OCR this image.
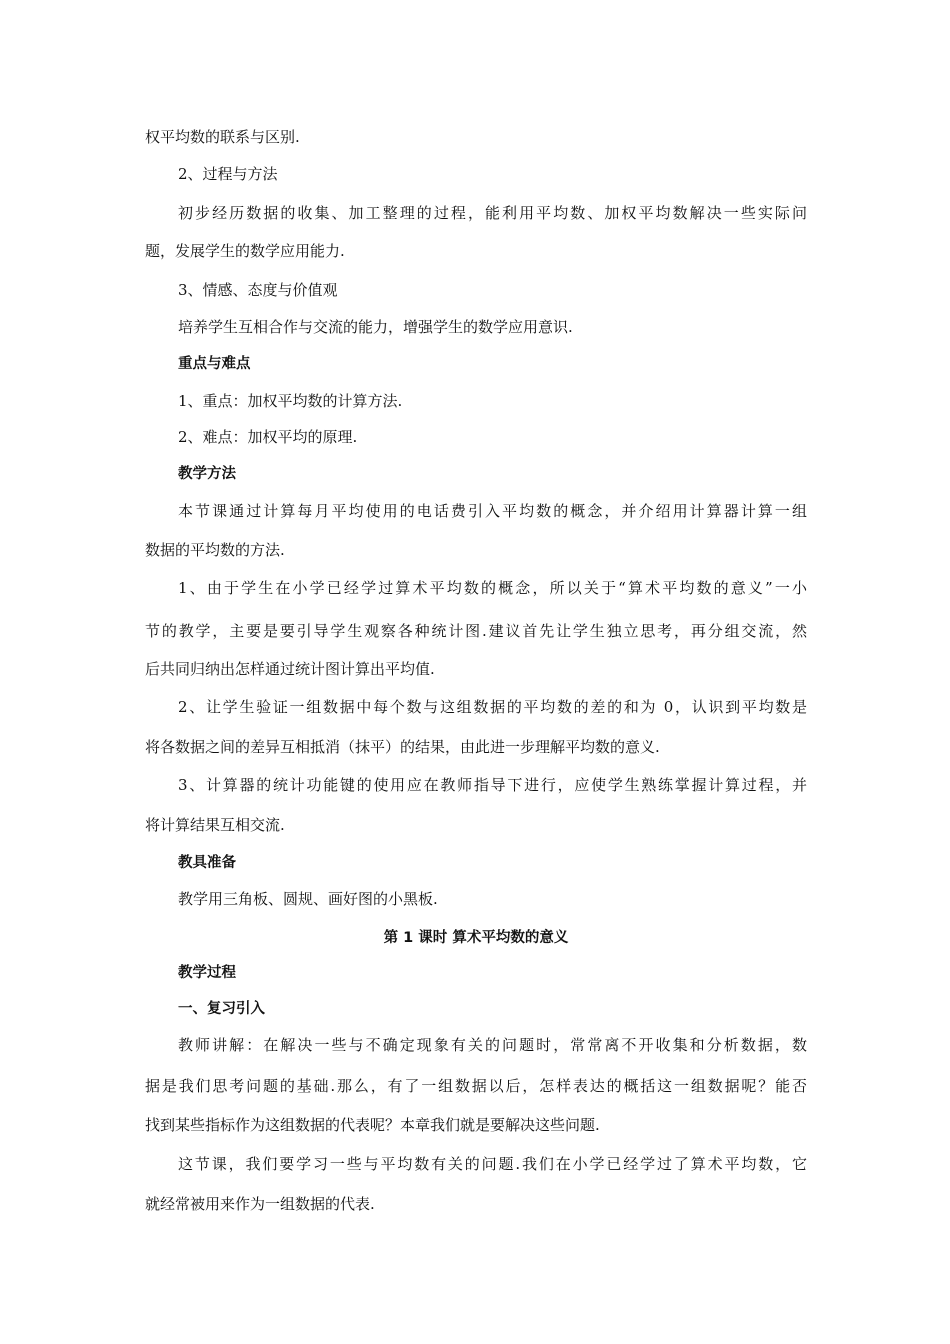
权平均数的联系与区别.
2、过程与方法
初步经历数据的收集、加工整理的过程，能利用平均数、加权平均数解决一些实际问
题，发展学生的数学应用能力.
3、情感、态度与价值观
培养学生互相合作与交流的能力，增强学生的数学应用意识.
重点与难点
1、重点：加权平均数的计算方法.
2、难点：加权平均的原理.
教学方法
本节课通过计算每月平均使用的电话费引入平均数的概念，并介绍用计算器计算一组
数据的平均数的方法.
1、由于学生在小学已经学过算术平均数的概念，所以关于“算术平均数的意义”一小
节的教学，主要是要引导学生观察各种统计图.建议首先让学生独立思考，再分组交流，然
后共同归纳出怎样通过统计图计算出平均值.
2、让学生验证一组数据中每个数与这组数据的平均数的差的和为 0，认识到平均数是
将各数据之间的差异互相抵消（抹平）的结果，由此进一步理解平均数的意义.
3、计算器的统计功能键的使用应在教师指导下进行，应使学生熟练掌握计算过程，并
将计算结果互相交流.
教具准备
教学用三角板、圆规、画好图的小黑板.
第 1 课时 算术平均数的意义
教学过程
一、复习引入
教师讲解：在解决一些与不确定现象有关的问题时，常常离不开收集和分析数据，数
据是我们思考问题的基础.那么，有了一组数据以后，怎样表达的概括这一组数据呢？能否
找到某些指标作为这组数据的代表呢？本章我们就是要解决这些问题.
这节课，我们要学习一些与平均数有关的问题.我们在小学已经学过了算术平均数，它
就经常被用来作为一组数据的代表.
